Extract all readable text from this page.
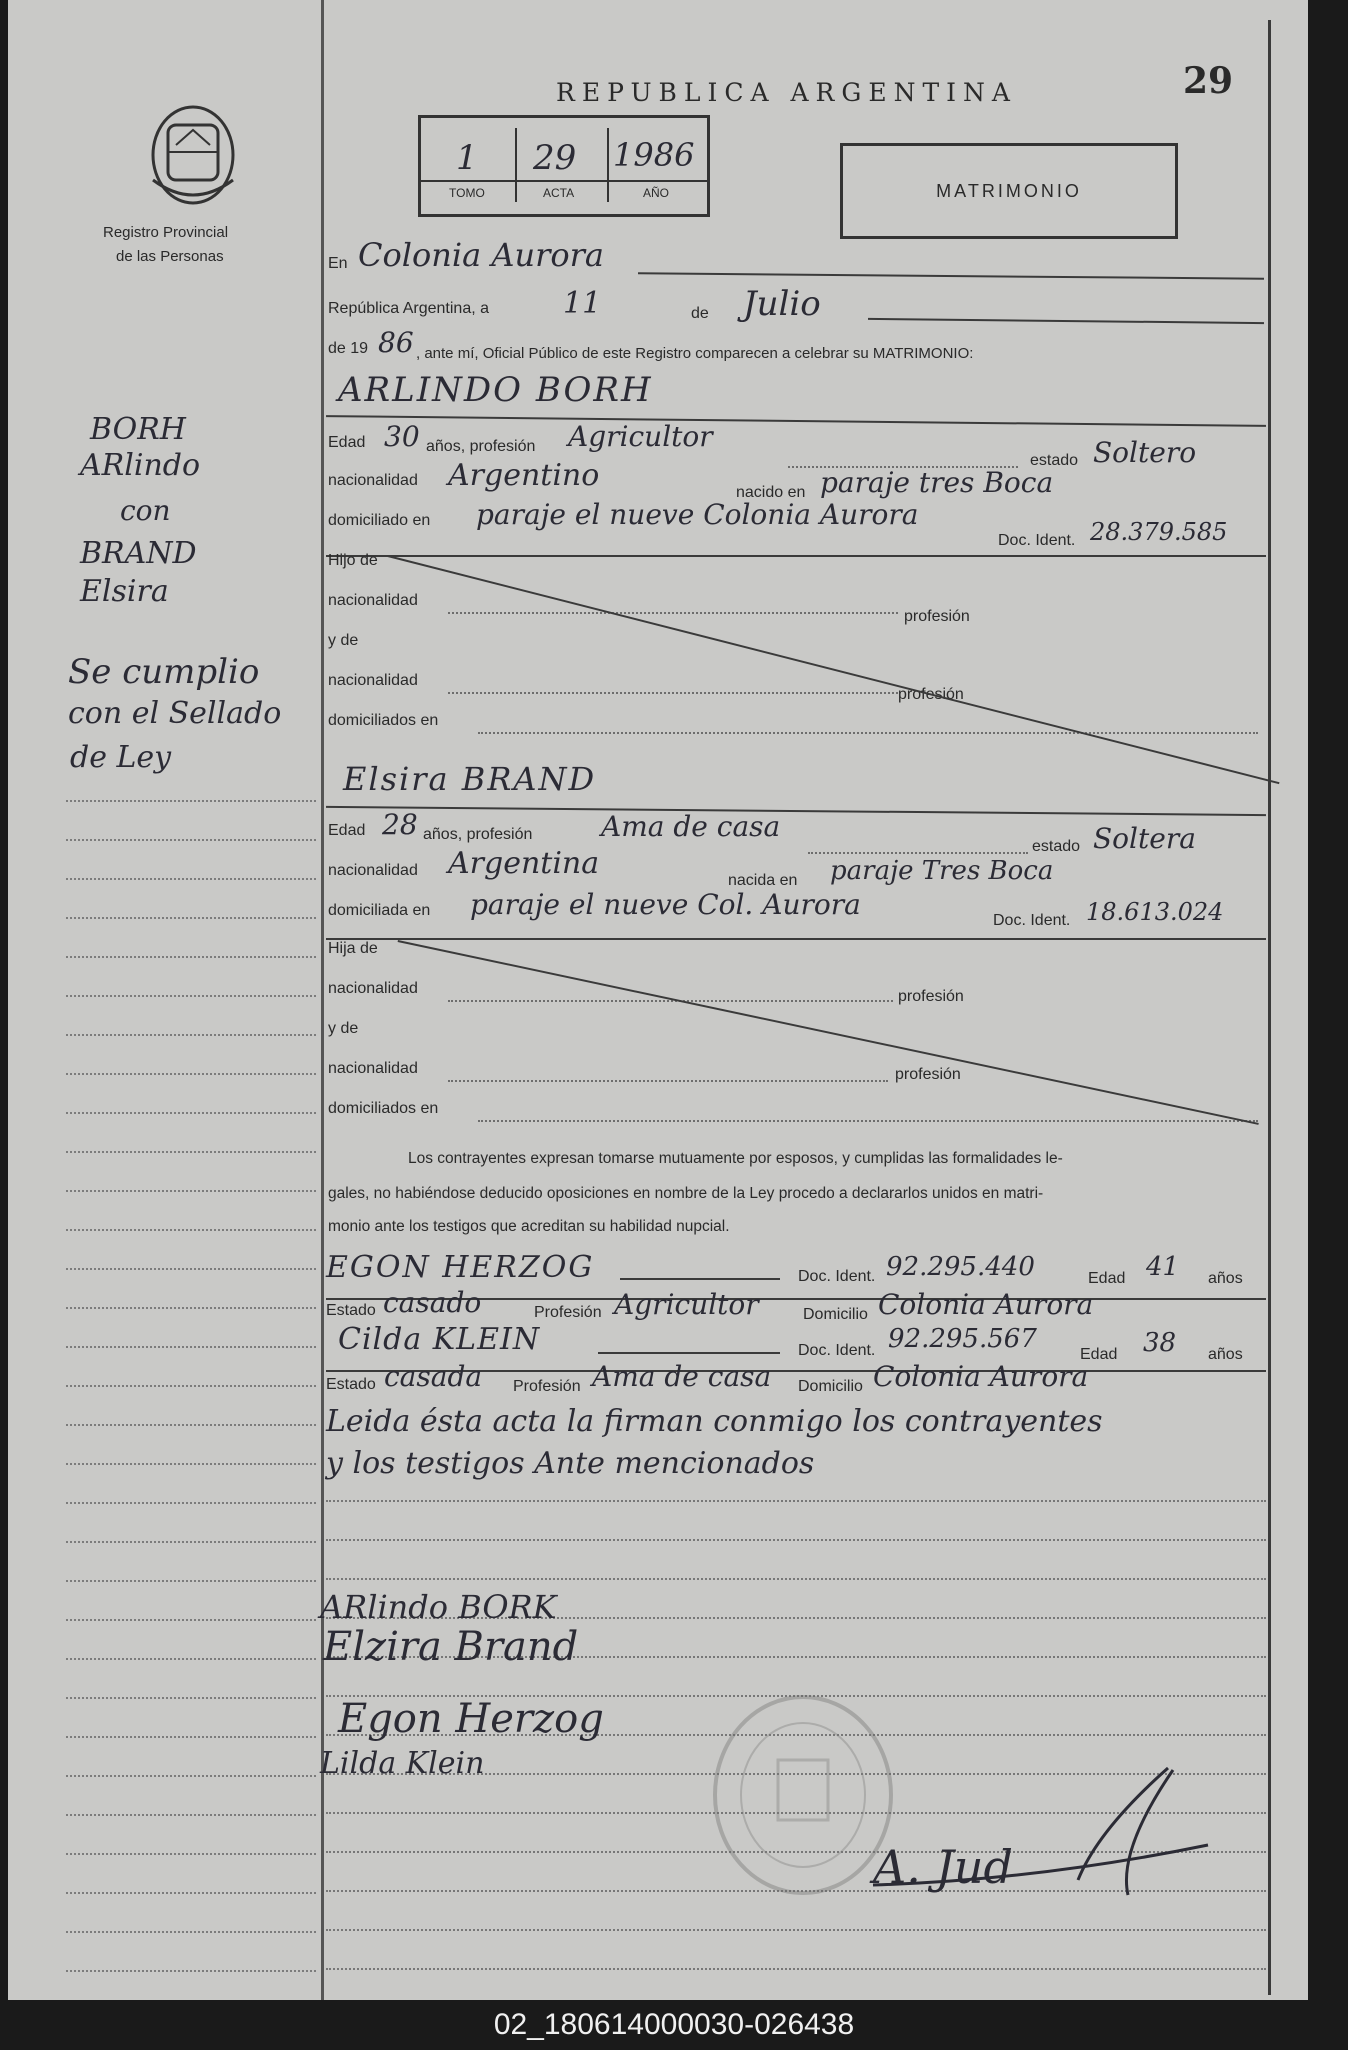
Registro Provincial
de las Personas
BORH
ARlindo
con
BRAND
Elsira
Se cumplio
con el Sellado
de Ley
REPUBLICA ARGENTINA	29
1 29 1986
TOMO	ACTA	AÑO	MATRIMONIO
En Colonia Aurora
República Argentina, a 11	de Julio
de 19 86 , ante mí, Oficial Público de este Registro comparecen a celebrar su MATRIMONIO:
ARLINDO BORH
Edad 30 años, profesión Agricultor
estado Soltero
nacionalidad Argentino	nacido en paraje tres Boca
domiciliado en paraje el nueve Colonia Aurora
Doc. Ident. 28.379.585
Hijo de
nacionalidad
profesión
y de
nacionalidad
profesión
domiciliados en
Elsira BRAND
Edad 28 años, profesión Ama de casa
estado Soltera
nacionalidad Argentina	nacida en paraje Tres Boca
domiciliada en paraje el nueve Col. Aurora	Doc. Ident. 18.613.024
Hija de
nacionalidad	profesión
y de
nacionalidad	profesión
domiciliados en
Los contrayentes expresan tomarse mutuamente por esposos, y cumplidas las formalidades le-
gales, no habiéndose deducido oposiciones en nombre de la Ley procedo a declararlos unidos en matri-
monio ante los testigos que acreditan su habilidad nupcial.
EGON HERZOG	Doc. Ident. 92.295.440	Edad 41 años
Estado casado	Profesión Agricultor	Domicilio Colonia Aurora
Cilda KLEIN	Doc. Ident. 92.295.567
Edad 38 años
Estado casada Profesión Ama de casa Domicilio Colonia Aurora
Leida ésta acta la firman conmigo los contrayentes
y los testigos Ante mencionados
ARlindo BORK
Elzira Brand
Egon Herzog
Lilda Klein
A. Jud
02_180614000030-026438
